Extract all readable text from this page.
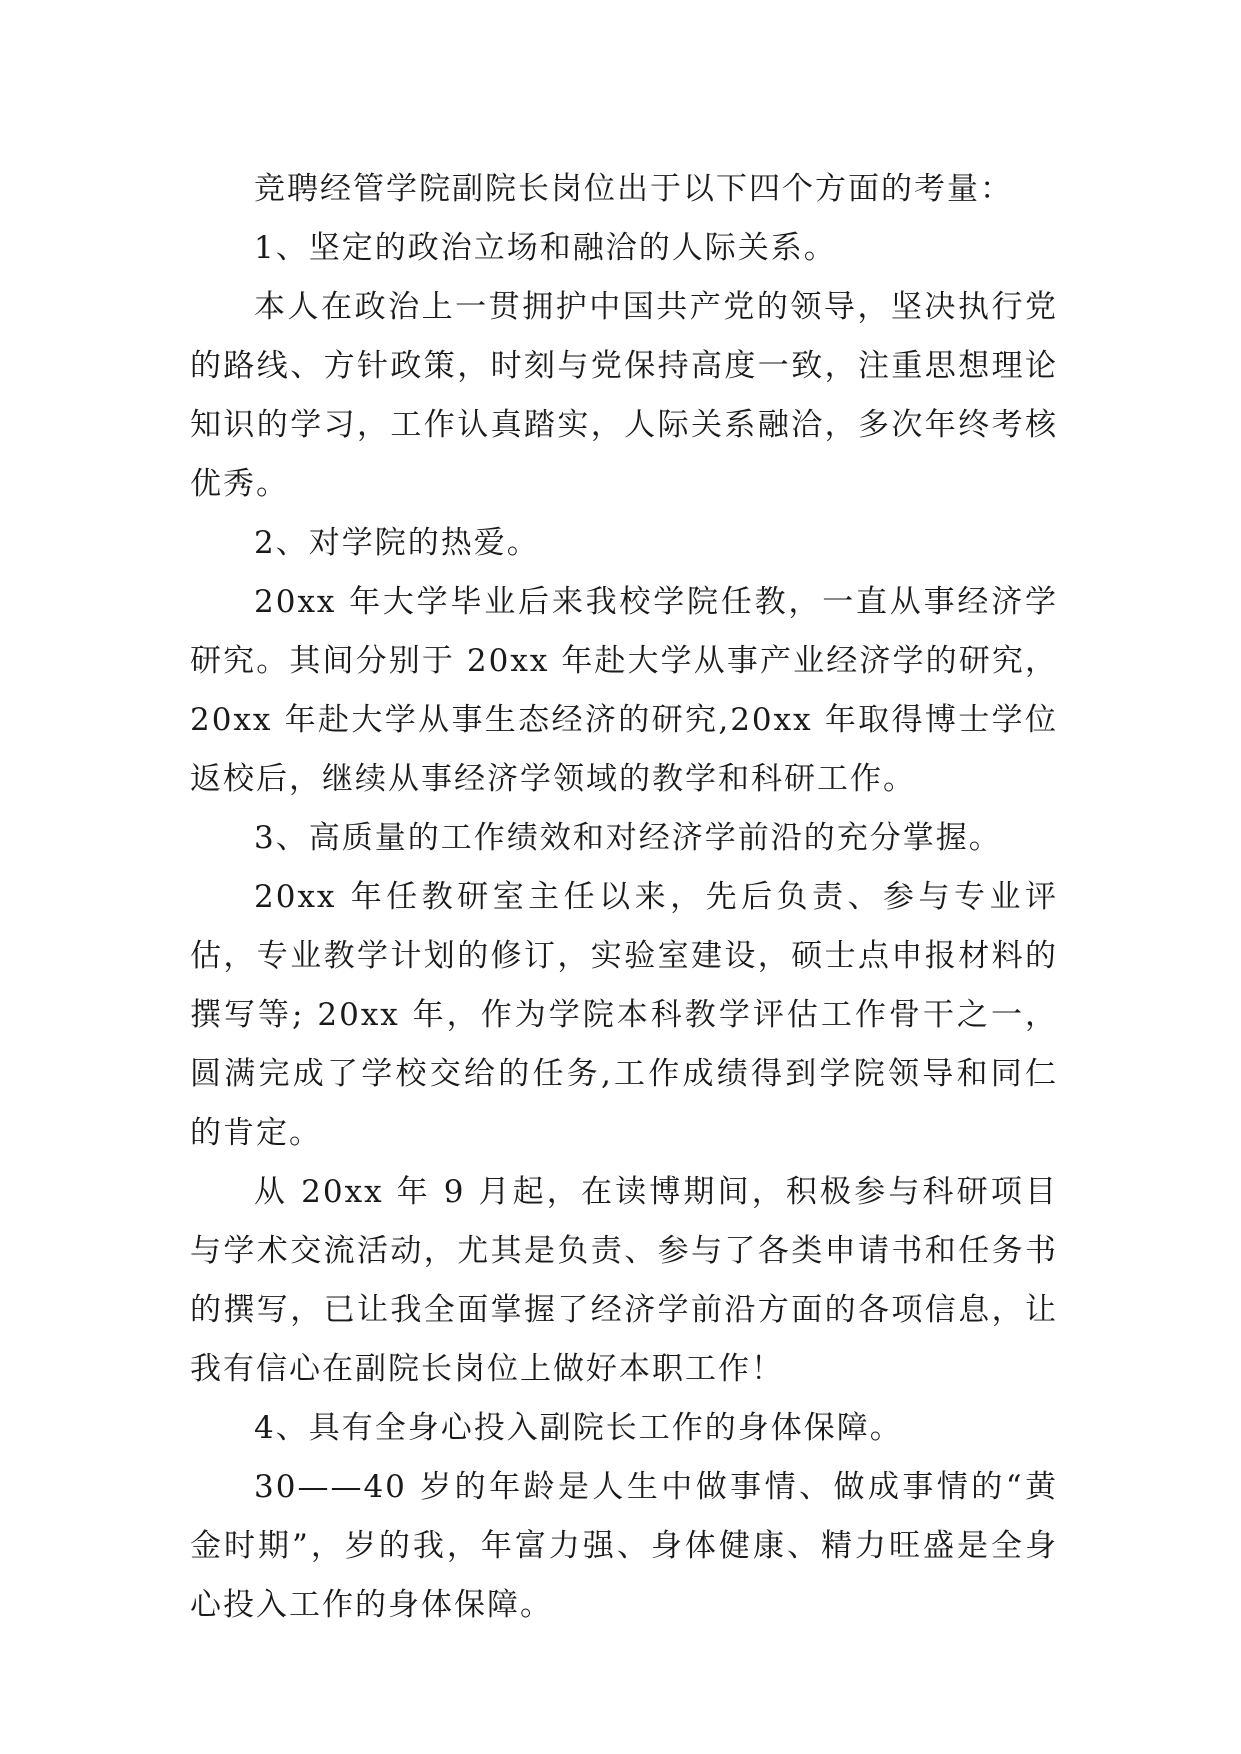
竞聘经管学院副院长岗位出于以下四个方面的考量：

1、坚定的政治立场和融洽的人际关系。

本人在政治上一贯拥护中国共产党的领导，坚决执行党的路线、方针政策，时刻与党保持高度一致，注重思想理论知识的学习，工作认真踏实，人际关系融洽，多次年终考核优秀。

2、对学院的热爱。

20xx 年大学毕业后来我校学院任教，一直从事经济学研究。其间分别于 20xx 年赴大学从事产业经济学的研究，20xx 年赴大学从事生态经济的研究,20xx 年取得博士学位返校后，继续从事经济学领域的教学和科研工作。

3、高质量的工作绩效和对经济学前沿的充分掌握。

20xx 年任教研室主任以来，先后负责、参与专业评估，专业教学计划的修订，实验室建设，硕士点申报材料的撰写等; 20xx 年，作为学院本科教学评估工作骨干之一，圆满完成了学校交给的任务,工作成绩得到学院领导和同仁的肯定。

从 20xx 年 9 月起，在读博期间，积极参与科研项目与学术交流活动，尤其是负责、参与了各类申请书和任务书的撰写，已让我全面掌握了经济学前沿方面的各项信息，让我有信心在副院长岗位上做好本职工作！

4、具有全身心投入副院长工作的身体保障。

30——40 岁的年龄是人生中做事情、做成事情的“黄金时期”，岁的我，年富力强、身体健康、精力旺盛是全身心投入工作的身体保障。
